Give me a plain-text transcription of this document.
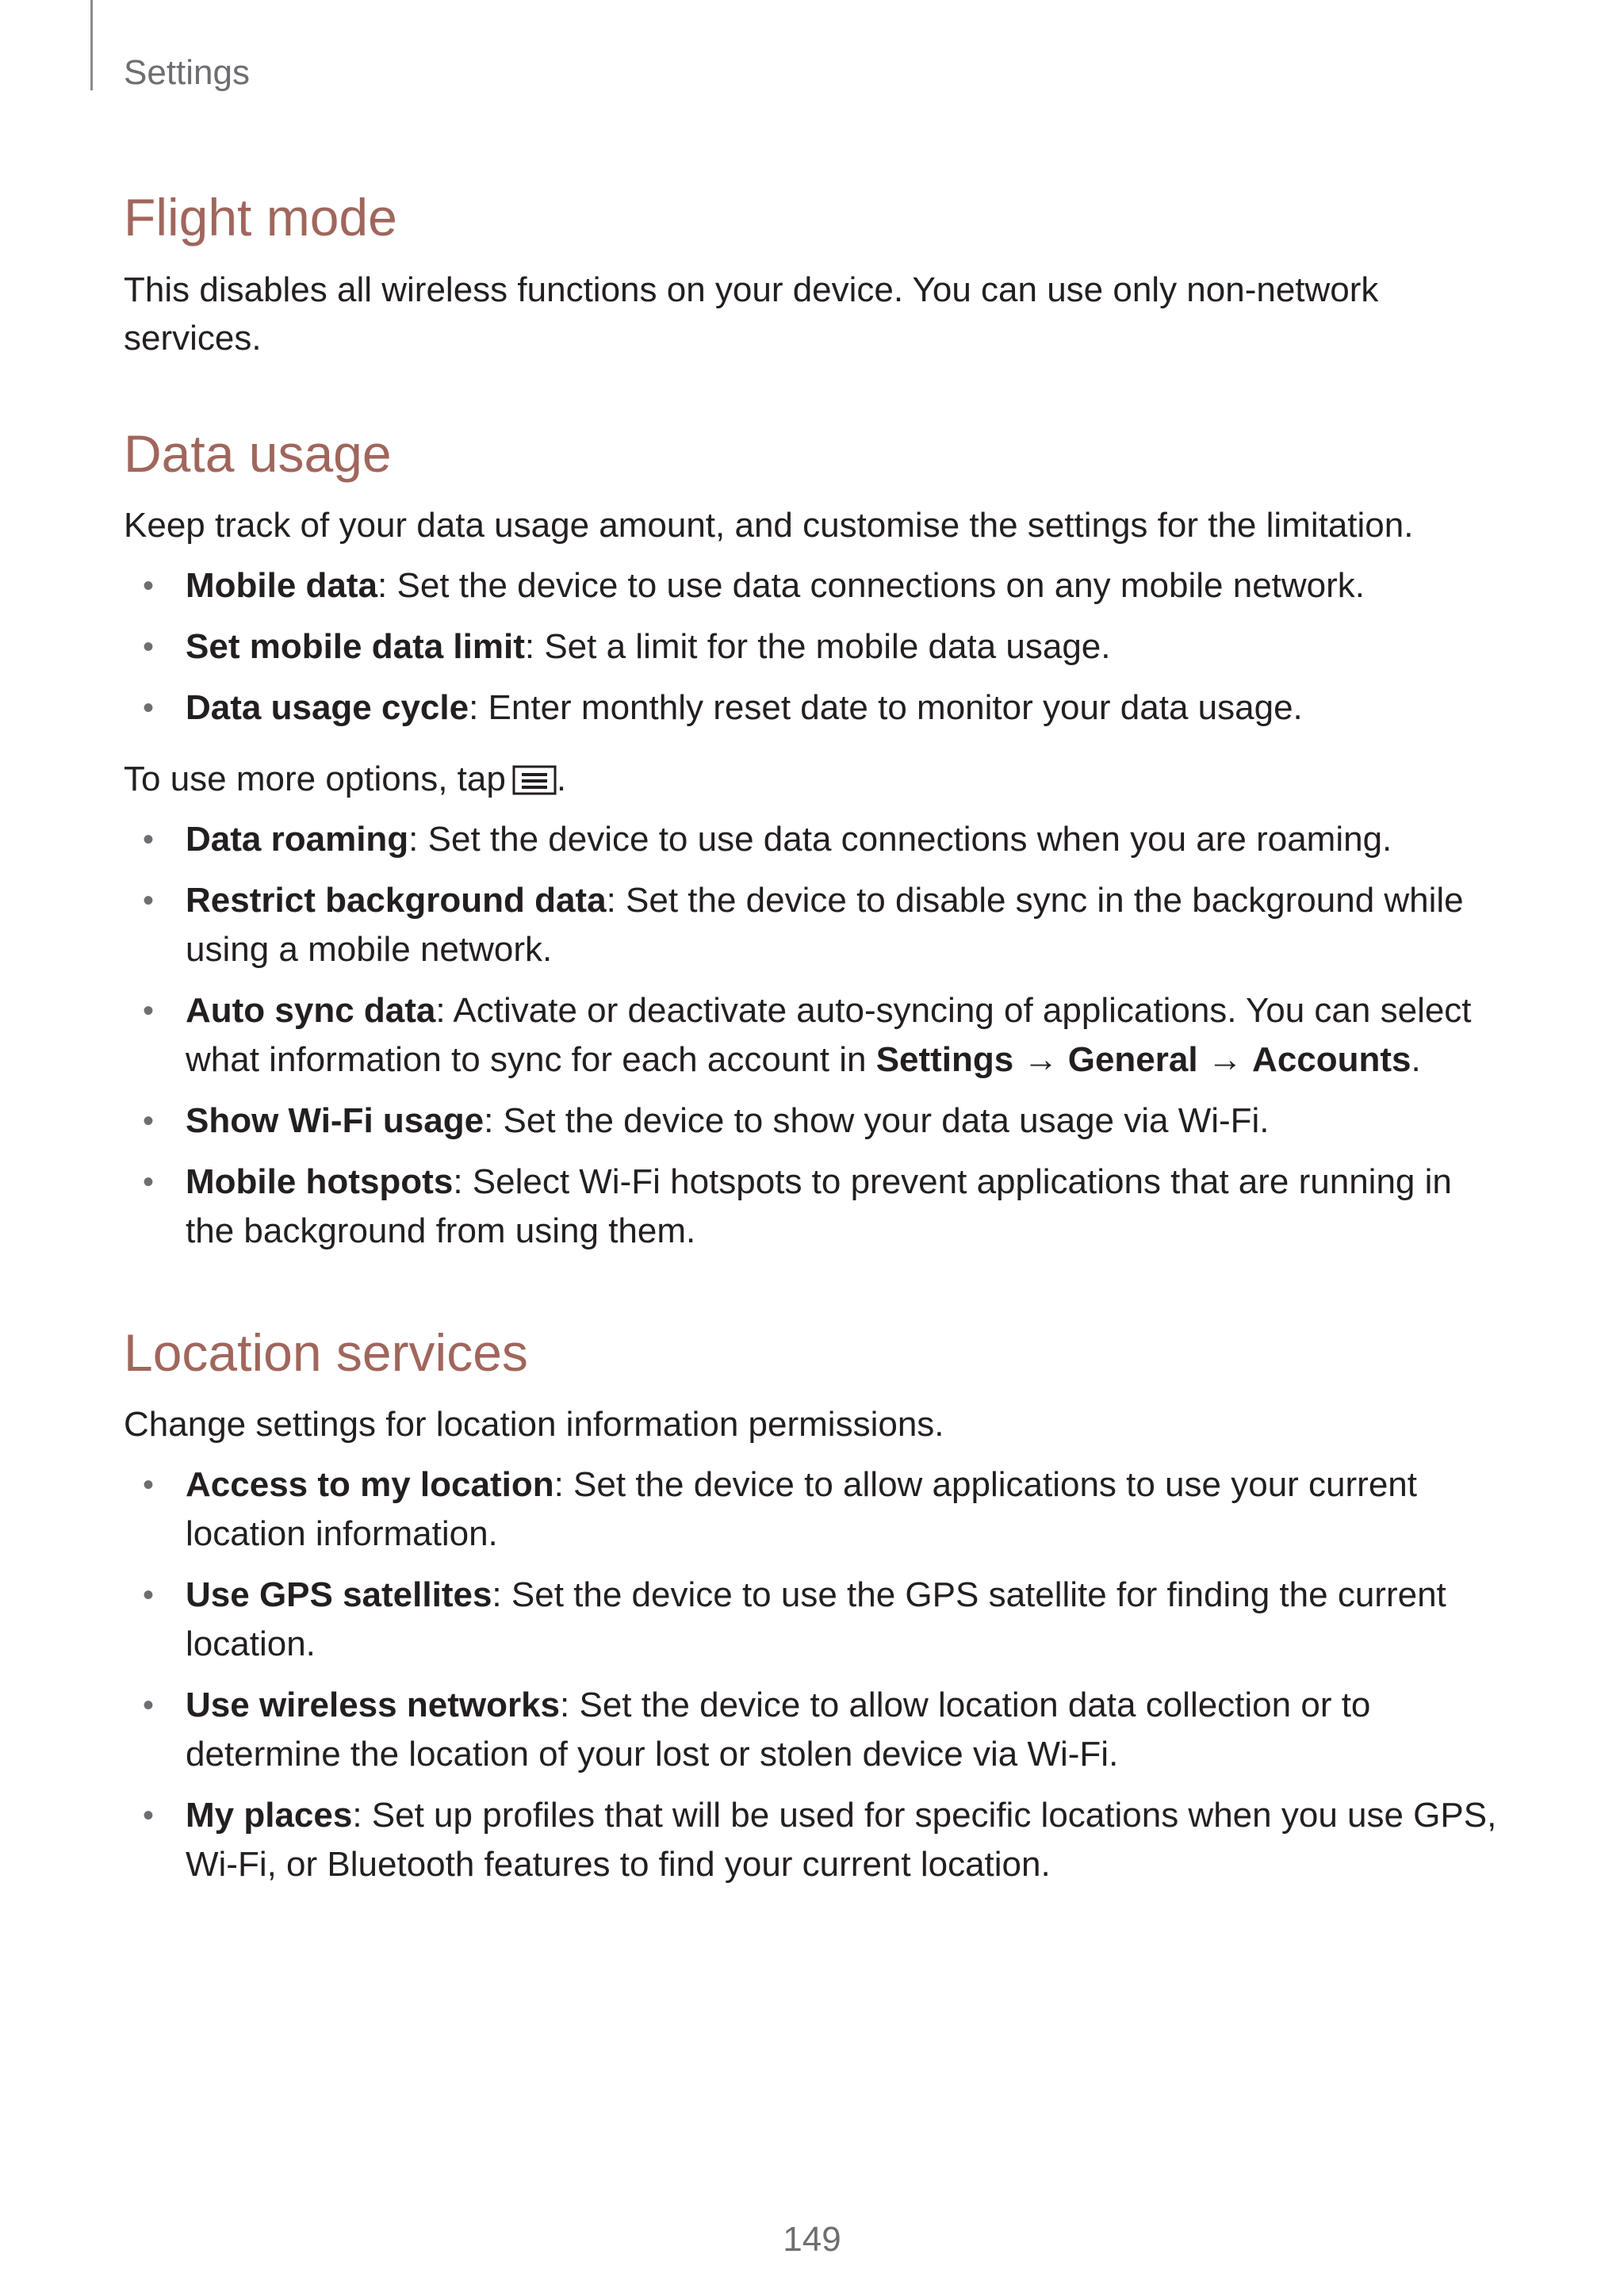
Settings
Flight mode

This disables all wireless functions on your device. You can use only non-network services.

Data usage

Keep track of your data usage amount, and customise the settings for the limitation.

• Mobile data: Set the device to use data connections on any mobile network.
• Set mobile data limit: Set a limit for the mobile data usage.
• Data usage cycle: Enter monthly reset date to monitor your data usage.

To use more options, tap .

• Data roaming: Set the device to use data connections when you are roaming.
• Restrict background data: Set the device to disable sync in the background while using a mobile network.
• Auto sync data: Activate or deactivate auto-syncing of applications. You can select what information to sync for each account in Settings → General → Accounts.
• Show Wi-Fi usage: Set the device to show your data usage via Wi-Fi.
• Mobile hotspots: Select Wi-Fi hotspots to prevent applications that are running in the background from using them.
Location services

Change settings for location information permissions.

• Access to my location: Set the device to allow applications to use your current location information.
• Use GPS satellites: Set the device to use the GPS satellite for finding the current location.
• Use wireless networks: Set the device to allow location data collection or to determine the location of your lost or stolen device via Wi-Fi.
• My places: Set up profiles that will be used for specific locations when you use GPS, Wi-Fi, or Bluetooth features to find your current location.
149
